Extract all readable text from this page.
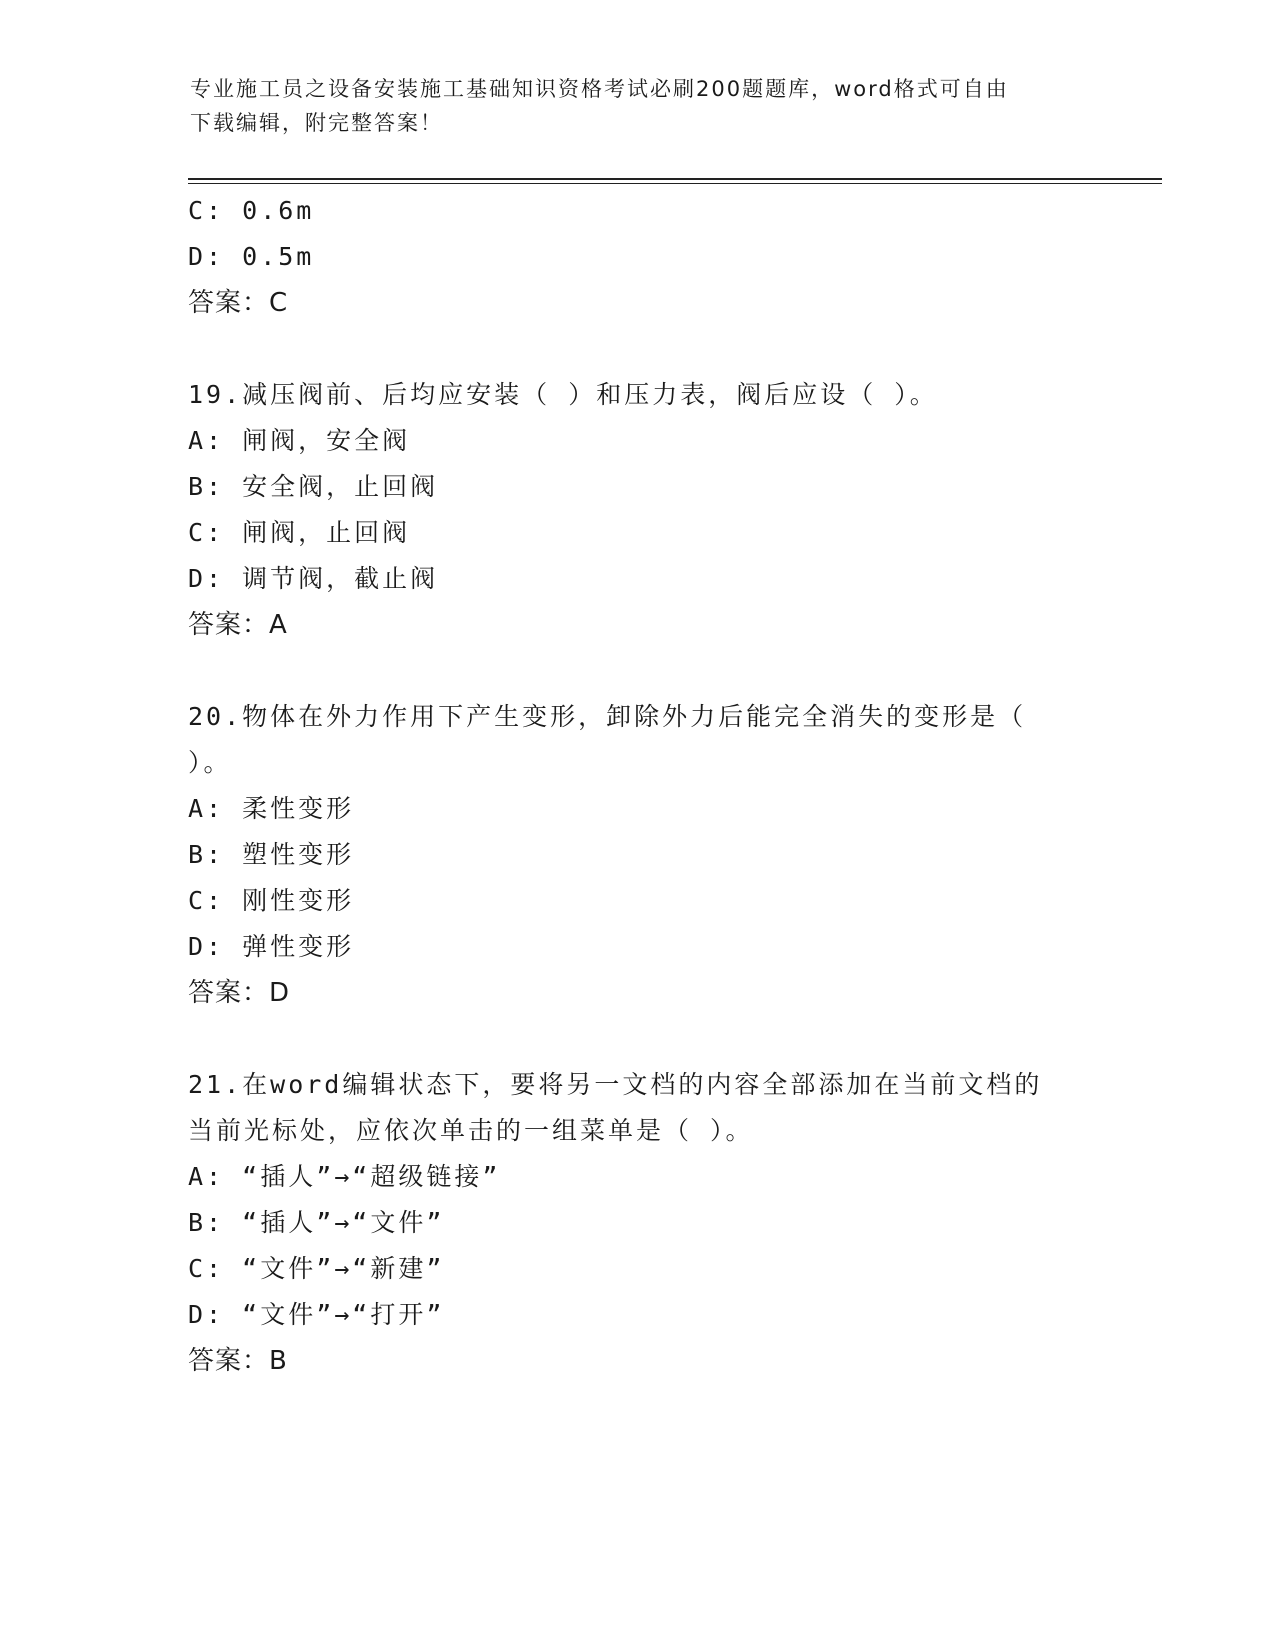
专业施工员之设备安装施工基础知识资格考试必刷200题题库，word格式可自由
下载编辑，附完整答案！
C: 0.6m
D: 0.5m
答案：C
19.减压阀前、后均应安装（ ）和压力表，阀后应设（ ）。
A: 闸阀，安全阀
B: 安全阀，止回阀
C: 闸阀，止回阀
D: 调节阀，截止阀
答案：A
20.物体在外力作用下产生变形，卸除外力后能完全消失的变形是（
）。
A: 柔性变形
B: 塑性变形
C: 刚性变形
D: 弹性变形
答案：D
21.在word编辑状态下，要将另一文档的内容全部添加在当前文档的
当前光标处，应依次单击的一组菜单是（ ）。
A: “插人”→“超级链接”
B: “插人”→“文件”
C: “文件”→“新建”
D: “文件”→“打开”
答案：B
